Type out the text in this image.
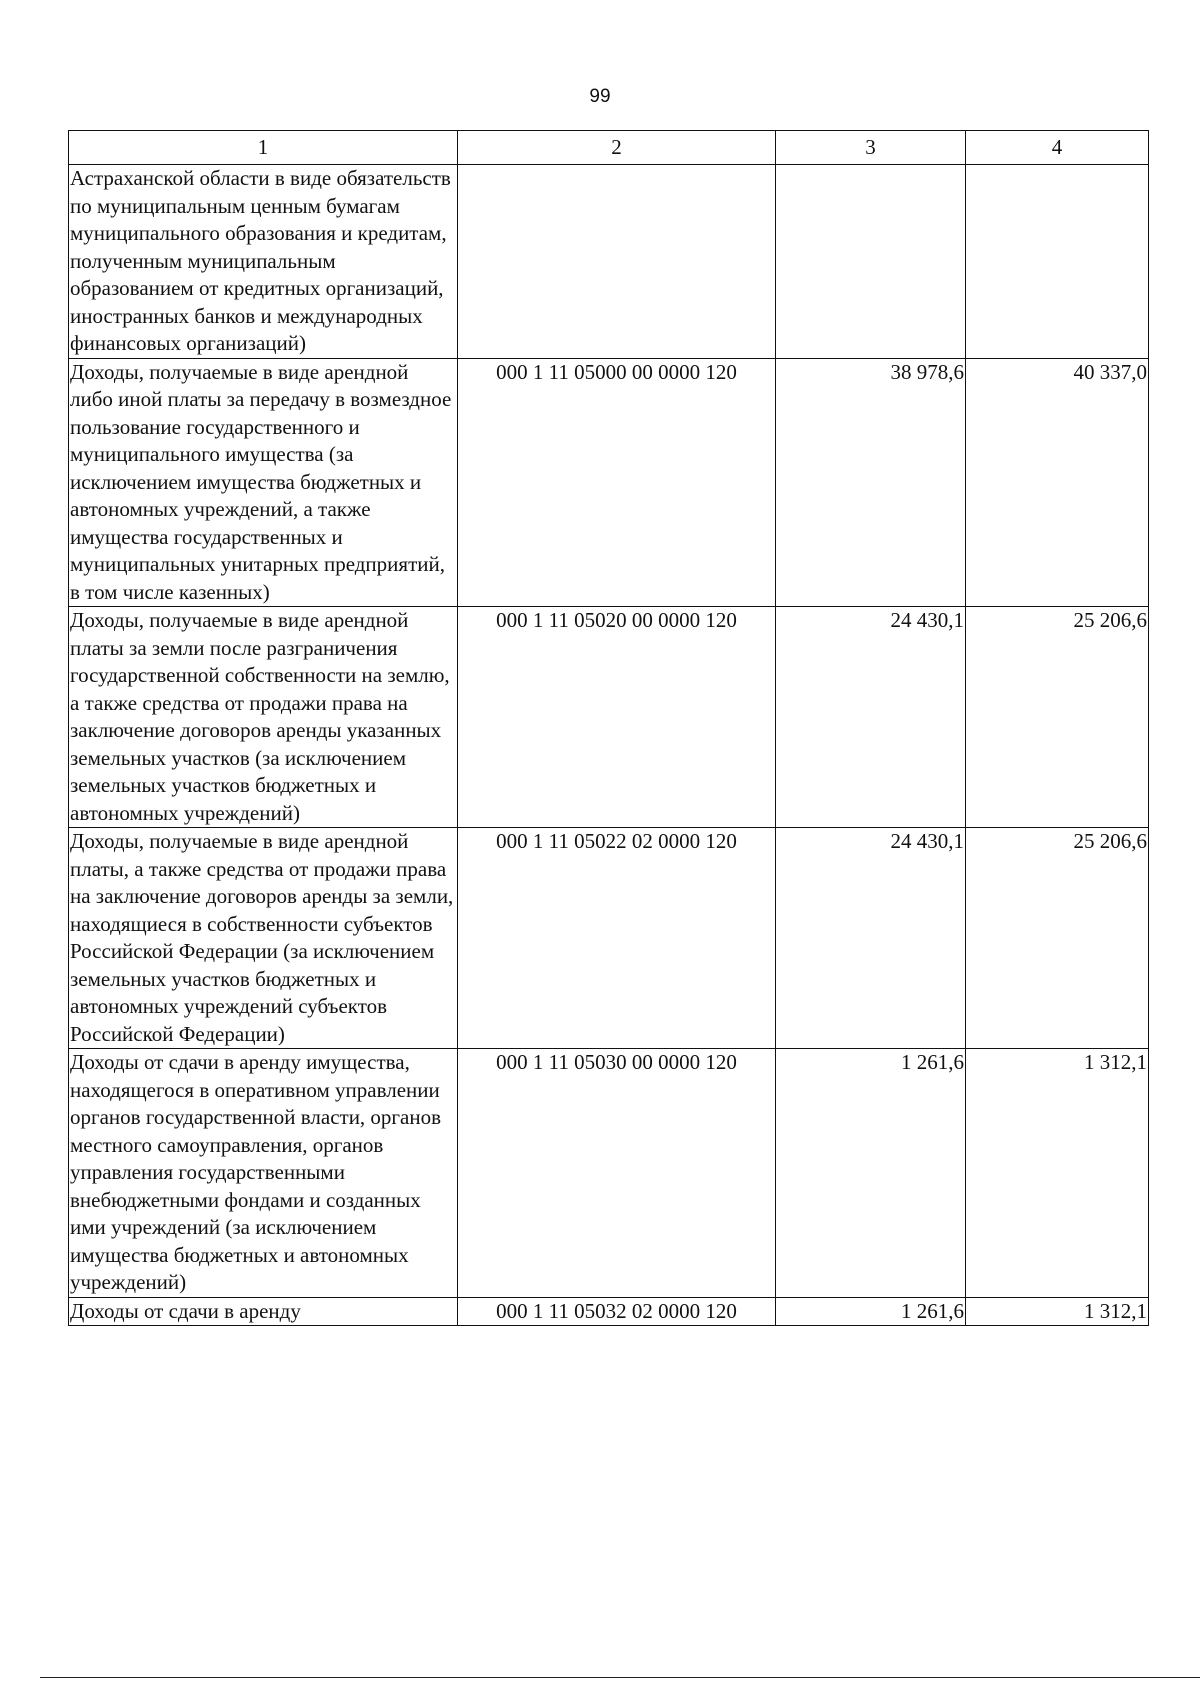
99
1	2	3	4
Астраханской области в виде обязательств по муниципальным ценным бумагам муниципального образования и кредитам, полученным муниципальным образованием от кредитных организаций, иностранных банков и международных финансовых организаций)			
Доходы, получаемые в виде арендной либо иной платы за передачу в возмездное пользование государственного и муниципального имущества (за исключением имущества бюджетных и автономных учреждений, а также имущества государственных и муниципальных унитарных предприятий, в том числе казенных)	000 1 11 05000 00 0000 120	38 978,6	40 337,0
Доходы, получаемые в виде арендной платы за земли после разграничения государственной собственности на землю, а также средства от продажи права на заключение договоров аренды указанных земельных участков (за исключением земельных участков бюджетных и автономных учреждений)	000 1 11 05020 00 0000 120	24 430,1	25 206,6
Доходы, получаемые в виде арендной платы, а также средства от продажи права на заключение договоров аренды за земли, находящиеся в собственности субъектов Российской Федерации (за исключением земельных участков бюджетных и автономных учреждений субъектов Российской Федерации)	000 1 11 05022 02 0000 120	24 430,1	25 206,6
Доходы от сдачи в аренду имущества, находящегося в оперативном управлении органов государственной власти, органов местного самоуправления, органов управления государственными внебюджетными фондами и созданных ими учреждений (за исключением имущества бюджетных и автономных учреждений)	000 1 11 05030 00 0000 120	1 261,6	1 312,1
Доходы от сдачи в аренду	000 1 11 05032 02 0000 120	1 261,6	1 312,1
